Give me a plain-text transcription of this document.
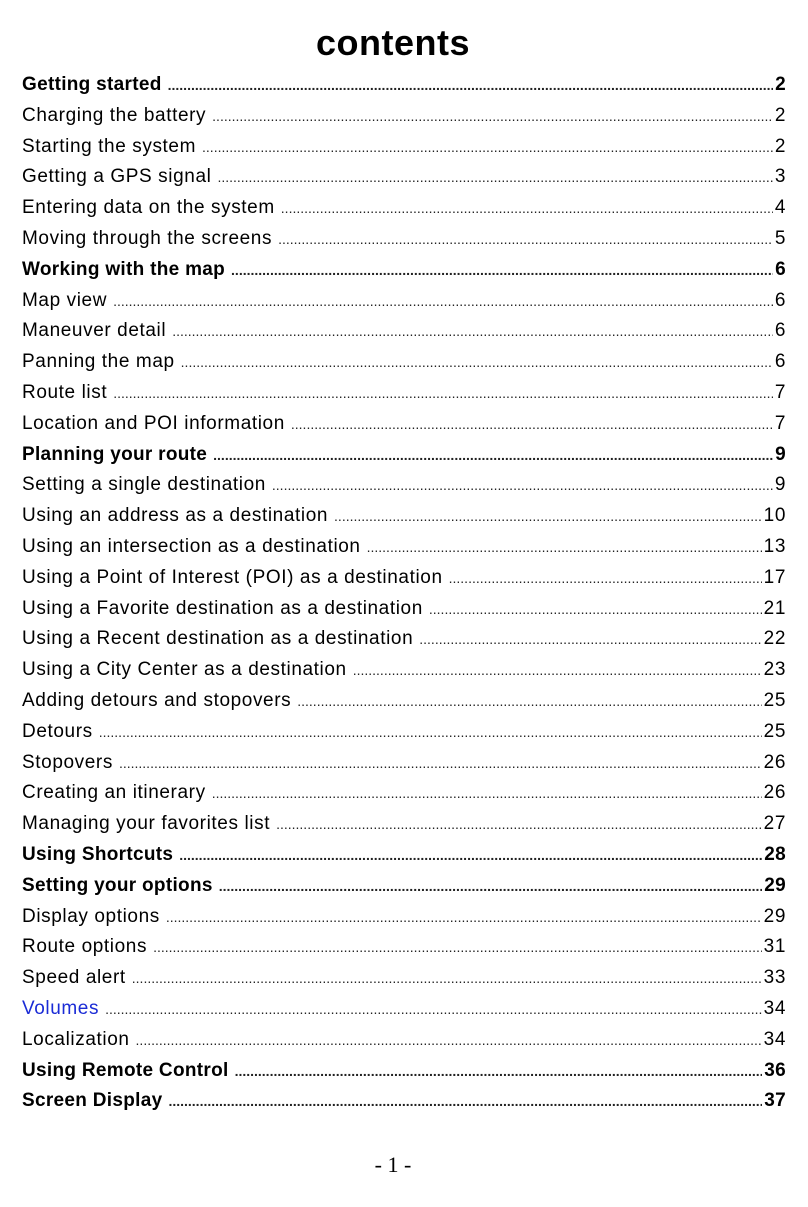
contents
Getting started .....	2
Charging the battery .....	2
Starting the system .....	2
Getting a GPS signal .....	3
Entering data on the system .....	4
Moving through the screens .....	5
Working with the map .....	6
Map view .....	6
Maneuver detail .....	6
Panning the map .....	6
Route list .....	7
Location and POI information .....	7
Planning your route .....	9
Setting a single destination .....	9
Using an address as a destination .....	10
Using an intersection as a destination .....	13
Using a Point of Interest (POI) as a destination .....	17
Using a Favorite destination as a destination .....	21
Using a Recent destination as a destination .....	22
Using a City Center as a destination .....	23
Adding detours and stopovers .....	25
Detours .....	25
Stopovers .....	26
Creating an itinerary .....	26
Managing your favorites list .....	27
Using Shortcuts .....	28
Setting your options .....	29
Display options .....	29
Route options .....	31
Speed alert .....	33
Volumes .....	34
Localization .....	34
Using Remote Control .....	36
Screen Display .....	37
- 1 -
